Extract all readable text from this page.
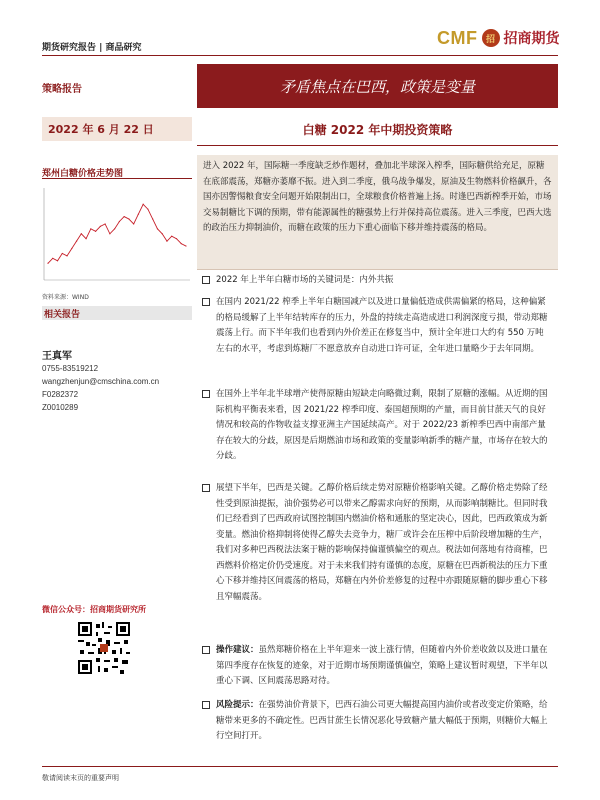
期货研究报告 | 商品研究
CMF 招 招商期货
策略报告	矛盾焦点在巴西，政策是变量
2022 年 6 月 22 日	白糖 2022 年中期投资策略
郑州白糖价格走势图
资料来源：WIND
相关报告
王真军
0755-83519212
wangzhenjun@cmschina.com.cn
F0282372
Z0010289
微信公众号：招商期货研究所
进入 2022 年，国际糖一季度缺乏炒作题材，叠加北半球深入榨季，国际糖供给充足，原糖在底部震荡，郑糖亦萎靡不振。进入到二季度，俄乌战争爆发，原油及生物燃料价格飙升，各国亦因警惕粮食安全问题开始限制出口，全球粮食价格普遍上扬。时逢巴西新榨季开始，市场交易制糖比下调的预期，带有能源属性的糖强势上行并保持高位震荡。进入三季度，巴西大选的政治压力抑制油价，而糖在政策的压力下重心面临下移并维持震荡的格局。
2022 年上半年白糖市场的关键词是：内外共振
在国内 2021/22 榨季上半年白糖国减产以及进口量偏低造成供需偏紧的格局，这种偏紧的格局缓解了上半年结转库存的压力，外盘的持续走高造成进口利润深度亏损，带动郑糖震荡上行。而下半年我们也看到内外价差正在修复当中，预计全年进口大约有 550 万吨左右的水平，考虑到炼糖厂不愿意放弃自动进口许可证，全年进口量略少于去年同期。
在国外上半年北半球增产使得原糖由短缺走向略微过剩，限制了原糖的涨幅。从近期的国际机构平衡表来看，因 2021/22 榨季印度、泰国超预期的产量，而目前甘蔗天气的良好情况和较高的作物收益支撑亚洲主产国延续高产。对于 2022/23 新榨季巴西中南部产量存在较大的分歧，原因是后期燃油市场和政策的变量影响新季的糖产量，市场存在较大的分歧。
展望下半年，巴西是关键。乙醇价格后续走势对原糖价格影响关键。乙醇价格走势除了经性受到原油提振，油价强势必可以带来乙醇需求向好的预期，从而影响制糖比。但同时我们已经看到了巴西政府试图控制国内燃油价格和通胀的坚定决心，因此，巴西政策成为新变量。燃油价格抑制将使得乙醇失去竞争力，糖厂或许会在压榨中后阶段增加糖的生产，我们对多种巴西税法法案于糖的影响保持偏谨慎偏空的观点。税法如何落地有待商榷，巴西燃料价格定价仍受速度。对于未来我们持有谨慎的态度，原糖在巴西新税法的压力下重心下移并维持区间震荡的格局，郑糖在内外价差修复的过程中亦跟随原糖的脚步重心下移且窄幅震荡。
操作建议：虽然郑糖价格在上半年迎来一波上涨行情，但随着内外价差收敛以及进口量在第四季度存在恢复的迹象，对于近期市场预期谨慎偏空，策略上建议暂时观望，下半年以重心下调、区间震荡思路对待。
风险提示：在强势油价背景下，巴西石油公司更大幅提高国内油价或者改变定价策略，给糖带来更多的不确定性。巴西甘蔗生长情况恶化导致糖产量大幅低于预期，则糖价大幅上行空间打开。
敬请阅读末页的重要声明
